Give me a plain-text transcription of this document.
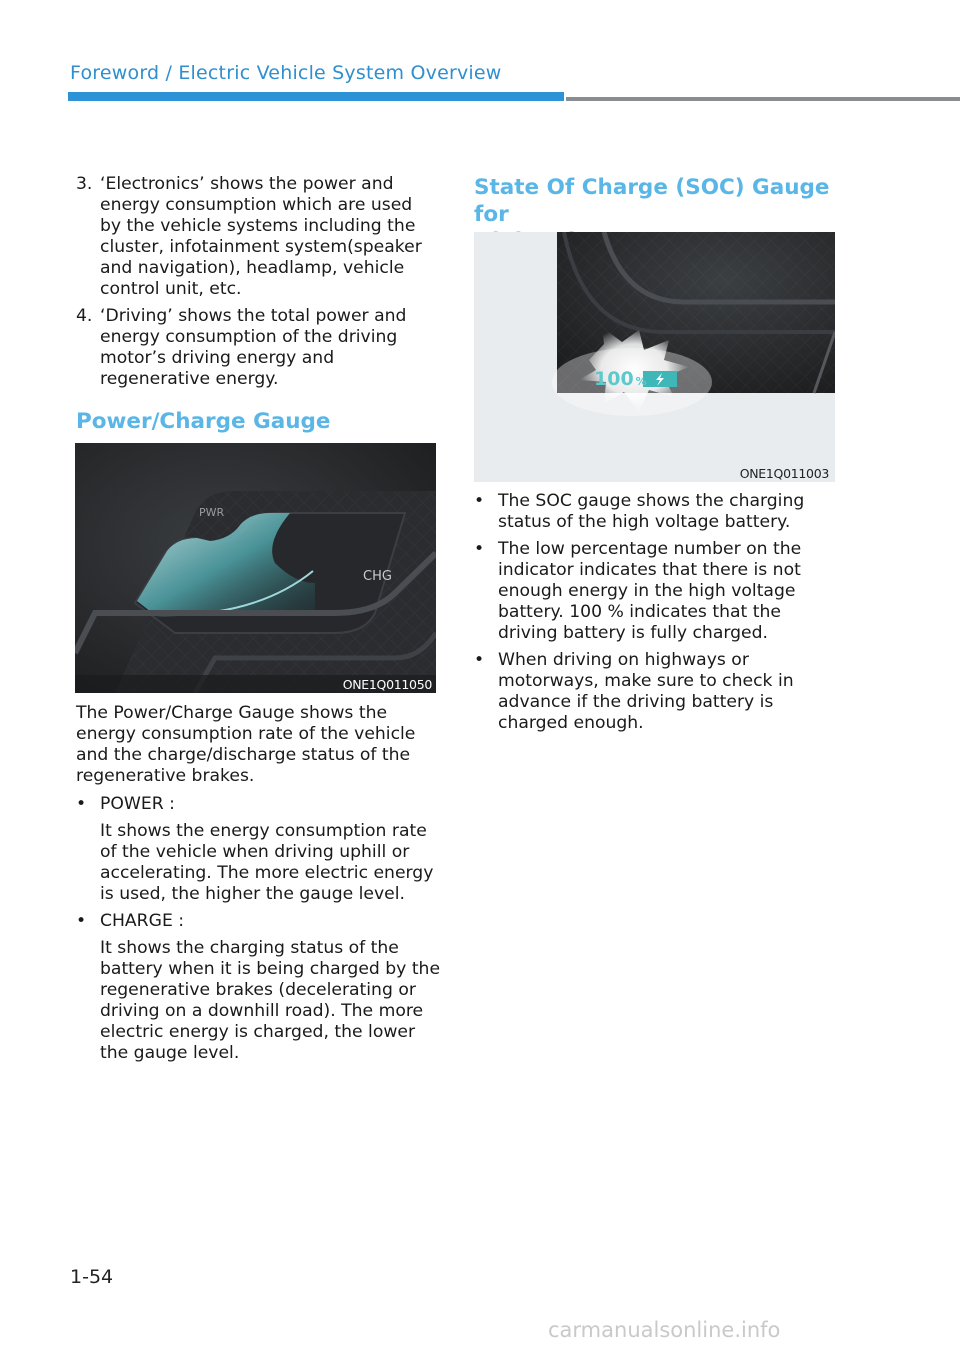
Foreword / Electric Vehicle System Overview
3. ‘Electronics’ shows the power and energy consumption which are used by the vehicle systems including the cluster, infotainment system(speaker and navigation), headlamp, vehicle control unit, etc.
4. ‘Driving’ shows the total power and energy consumption of the driving motor’s driving energy and regenerative energy.
Power/Charge Gauge
PWR
CHG
ONE1Q011050
The Power/Charge Gauge shows the energy consumption rate of the vehicle and the charge/discharge status of the regenerative brakes.
• POWER :
It shows the energy consumption rate of the vehicle when driving uphill or accelerating. The more electric energy is used, the higher the gauge level.
• CHARGE :
It shows the charging status of the battery when it is being charged by the regenerative brakes (decelerating or driving on a downhill road). The more electric energy is charged, the lower the gauge level.
State Of Charge (SOC) Gauge for
100 %
ONE1Q011003
• The SOC gauge shows the charging status of the high voltage battery.
• The low percentage number on the indicator indicates that there is not enough energy in the high voltage battery. 100 % indicates that the driving battery is fully charged.
• When driving on highways or motorways, make sure to check in advance if the driving battery is charged enough.
1-54
carmanualsonline.info
